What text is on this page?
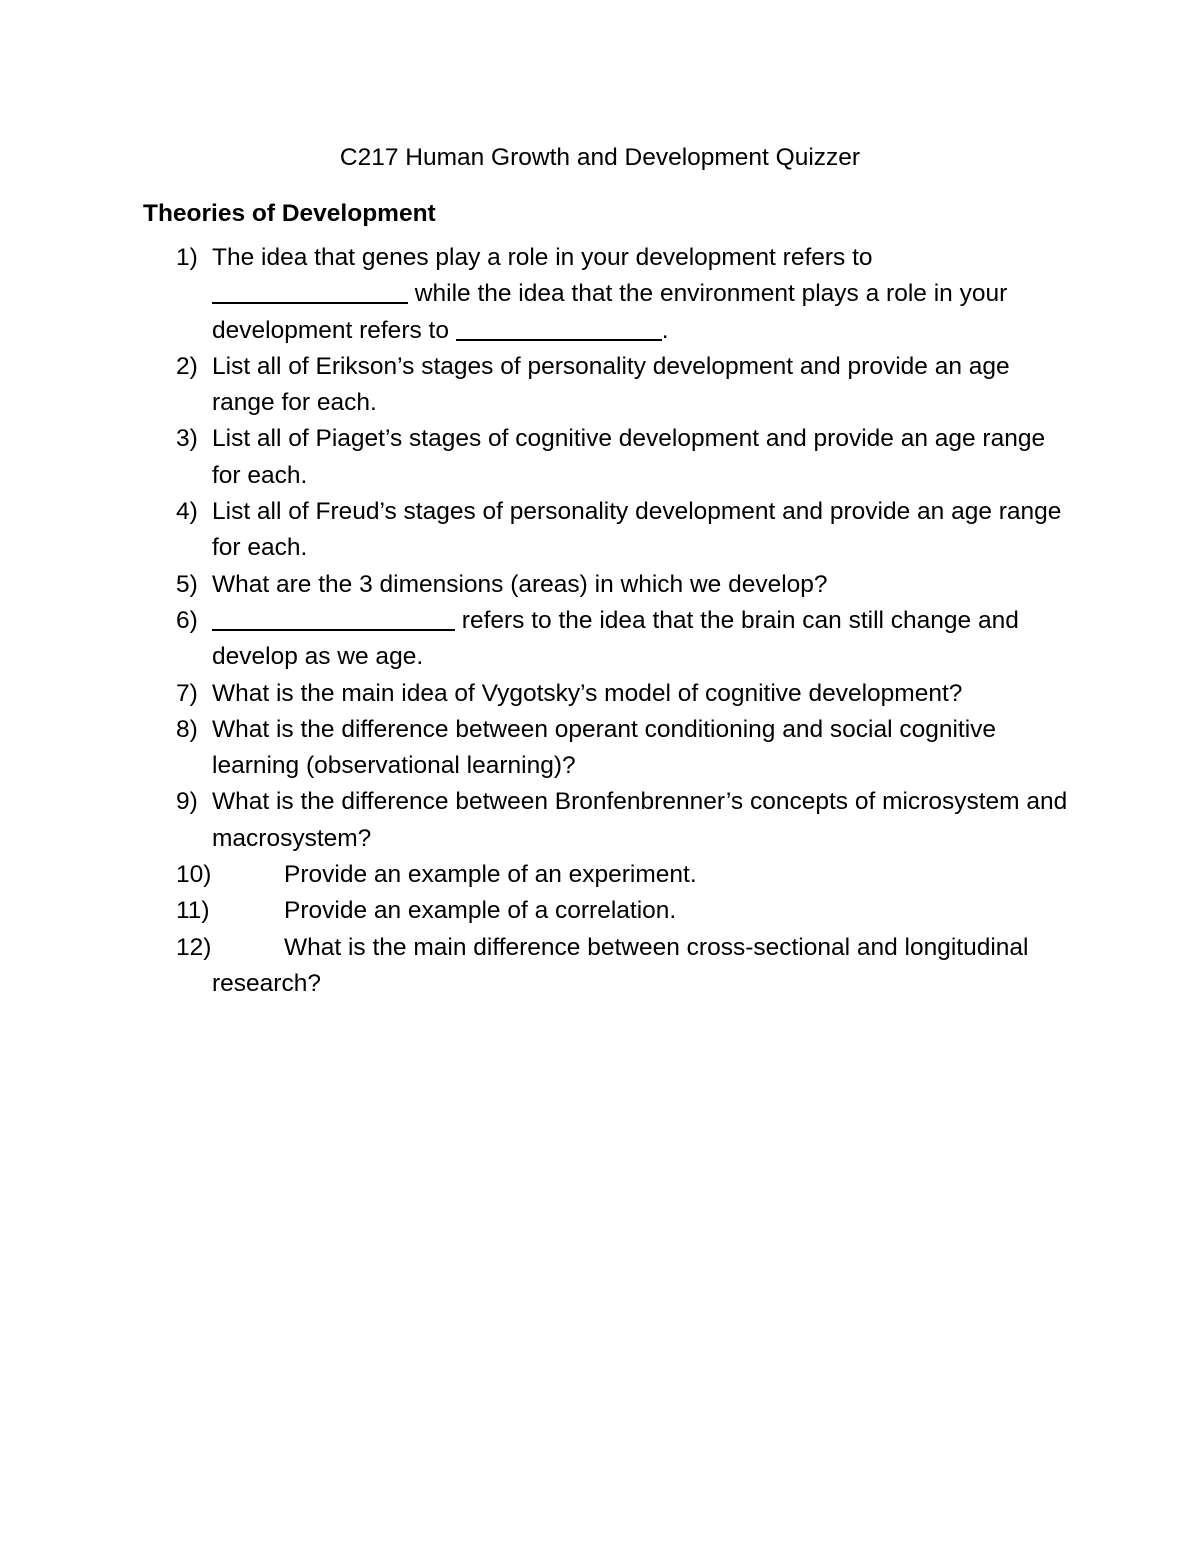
C217 Human Growth and Development Quizzer
Theories of Development
1) The idea that genes play a role in your development refers to
while the idea that the environment plays a role in your development refers to	.
2) List all of Erikson’s stages of personality development and provide an age range for each.
3) List all of Piaget’s stages of cognitive development and provide an age range for each.
4) List all of Freud’s stages of personality development and provide an age range for each.
5) What are the 3 dimensions (areas) in which we develop?
6)	refers to the idea that the brain can still change and develop as we age.
7) What is the main idea of Vygotsky’s model of cognitive development?
8) What is the difference between operant conditioning and social cognitive learning (observational learning)?
9) What is the difference between Bronfenbrenner’s concepts of microsystem and macrosystem?
10)	Provide an example of an experiment.
11)	Provide an example of a correlation.
12)	What is the main difference between cross-sectional and longitudinal research?
